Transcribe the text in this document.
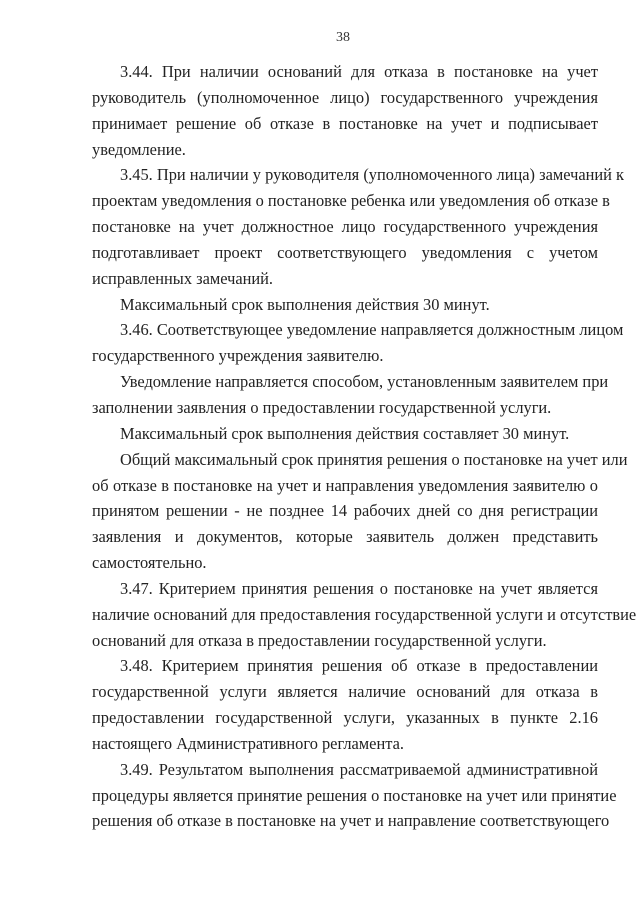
38
3.44. При наличии оснований для отказа в постановке на учет
руководитель (уполномоченное лицо) государственного учреждения
принимает решение об отказе в постановке на учет и подписывает
уведомление.
3.45. При наличии у руководителя (уполномоченного лица) замечаний к
проектам уведомления о постановке ребенка или уведомления об отказе в
постановке на учет должностное лицо государственного учреждения
подготавливает проект соответствующего уведомления с учетом
исправленных замечаний.
Максимальный срок выполнения действия 30 минут.
3.46. Соответствующее уведомление направляется должностным лицом
государственного учреждения заявителю.
Уведомление направляется способом, установленным заявителем при
заполнении заявления о предоставлении государственной услуги.
Максимальный срок выполнения действия составляет 30 минут.
Общий максимальный срок принятия решения о постановке на учет или
об отказе в постановке на учет и направления уведомления заявителю о
принятом решении - не позднее 14 рабочих дней со дня регистрации
заявления и документов, которые заявитель должен представить
самостоятельно.
3.47. Критерием принятия решения о постановке на учет является
наличие оснований для предоставления государственной услуги и отсутствие
оснований для отказа в предоставлении государственной услуги.
3.48. Критерием принятия решения об отказе в предоставлении
государственной услуги является наличие оснований для отказа в
предоставлении государственной услуги, указанных в пункте 2.16
настоящего Административного регламента.
3.49. Результатом выполнения рассматриваемой административной
процедуры является принятие решения о постановке на учет или принятие
решения об отказе в постановке на учет и направление соответствующего
